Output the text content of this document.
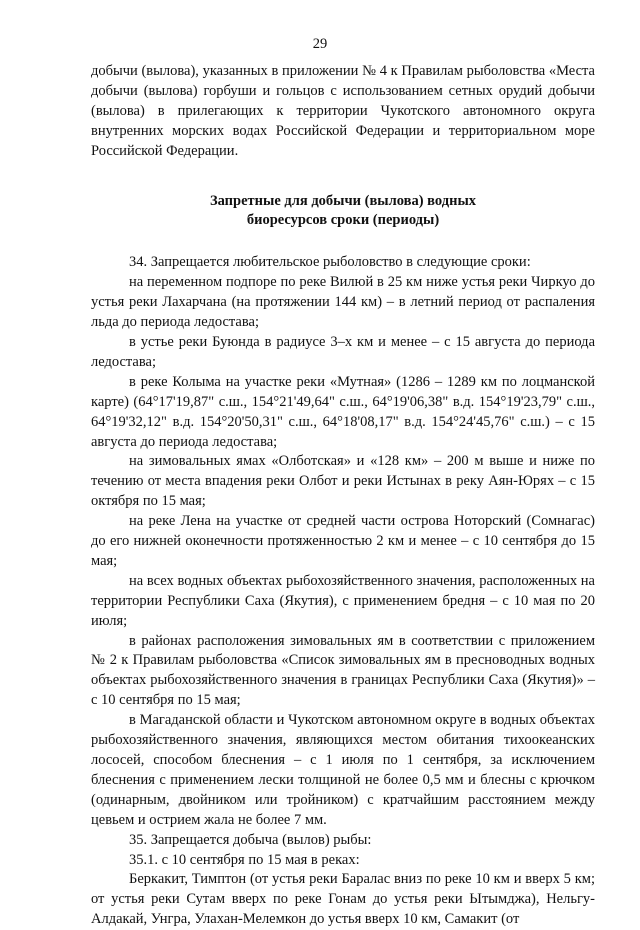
29

добычи (вылова), указанных в приложении № 4 к Правилам рыболовства «Места добычи (вылова) горбуши и гольцов с использованием сетных орудий добычи (вылова) в прилегающих к территории Чукотского автономного округа внутренних морских водах Российской Федерации и территориальном море Российской Федерации.

Запретные для добычи (вылова) водных
биоресурсов сроки (периоды)

34. Запрещается любительское рыболовство в следующие сроки:

на переменном подпоре по реке Вилюй в 25 км ниже устья реки Чиркуо до устья реки Лахарчана (на протяжении 144 км) – в летний период от распаления льда до периода ледостава;

в устье реки Буюнда в радиусе 3–х км и менее – с 15 августа до периода ледостава;

в реке Колыма на участке реки «Мутная» (1286 – 1289 км по лоцманской карте) (64°17'19,87" с.ш., 154°21'49,64" с.ш., 64°19'06,38" в.д. 154°19'23,79" с.ш., 64°19'32,12" в.д. 154°20'50,31" с.ш., 64°18'08,17" в.д. 154°24'45,76" с.ш.) – с 15 августа до периода ледостава;

на зимовальных ямах «Олботская» и «128 км» – 200 м выше и ниже по течению от места впадения реки Олбот и реки Истынах в реку Аян-Юрях – с 15 октября по 15 мая;

на реке Лена на участке от средней части острова Ноторский (Сомнагас) до его нижней оконечности протяженностью 2 км и менее – с 10 сентября до 15 мая;

на всех водных объектах рыбохозяйственного значения, расположенных на территории Республики Саха (Якутия), с применением бредня – с 10 мая по 20 июля;

в районах расположения зимовальных ям в соответствии с приложением № 2 к Правилам рыболовства «Список зимовальных ям в пресноводных водных объектах рыбохозяйственного значения в границах Республики Саха (Якутия)» – с 10 сентября по 15 мая;

в Магаданской области и Чукотском автономном округе в водных объектах рыбохозяйственного значения, являющихся местом обитания тихоокеанских лососей, способом блеснения – с 1 июля по 1 сентября, за исключением блеснения с применением лески толщиной не более 0,5 мм и блесны с крючком (одинарным, двойником или тройником) с кратчайшим расстоянием между цевьем и острием жала не более 7 мм.

35. Запрещается добыча (вылов) рыбы:

35.1. с 10 сентября по 15 мая в реках:

Беркакит, Тимптон (от устья реки Баралас вниз по реке 10 км и вверх 5 км; от устья реки Сутам вверх по реке Гонам до устья реки Ытымджа), Нельгу-Алдакай, Унгра, Улахан-Мелемкон до устья вверх 10 км, Самакит (от
